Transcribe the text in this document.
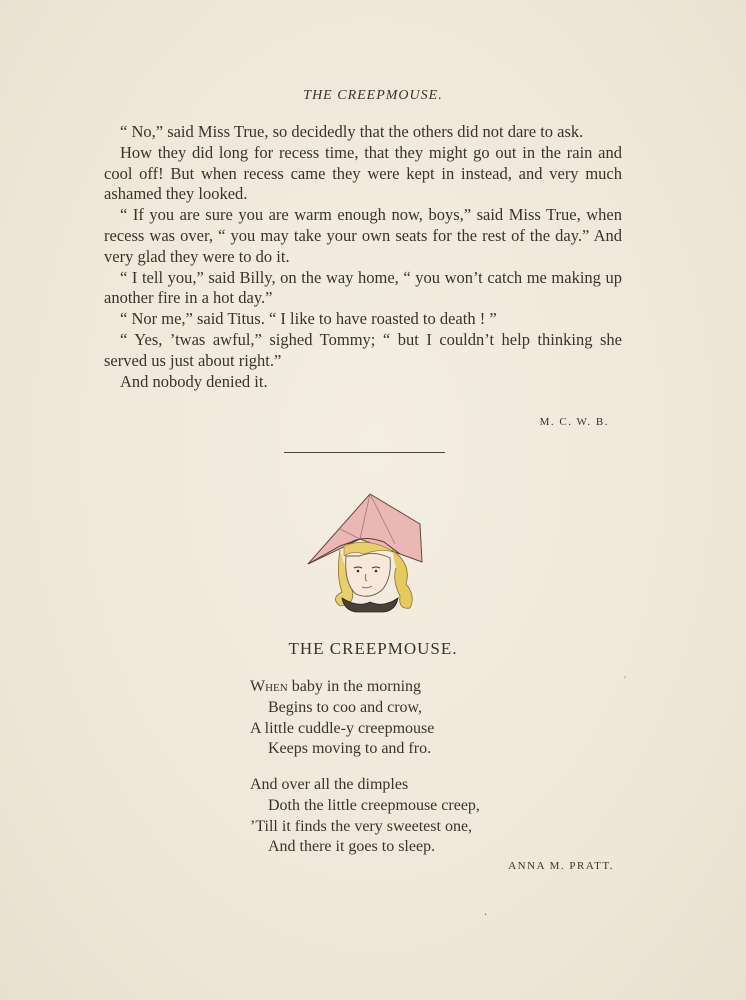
THE CREEPMOUSE.

“ No,” said Miss True, so decidedly that the others did not dare to ask.

How they did long for recess time, that they might go out in the rain and cool off! But when recess came they were kept in instead, and very much ashamed they looked.

“ If you are sure you are warm enough now, boys,” said Miss True, when recess was over, “ you may take your own seats for the rest of the day.” And very glad they were to do it.

“ I tell you,” said Billy, on the way home, “ you won’t catch me making up another fire in a hot day.”

“ Nor me,” said Titus. “ I like to have roasted to death ! ”

“ Yes, ’twas awful,” sighed Tommy; “ but I couldn’t help thinking she served us just about right.”

And nobody denied it.

M. C. W. B.
THE CREEPMOUSE.
When baby in the morning
Begins to coo and crow,
A little cuddle-y creepmouse
Keeps moving to and fro.
And over all the dimples
Doth the little creepmouse creep,
’Till it finds the very sweetest one,
And there it goes to sleep.
ANNA M. PRATT.
′
·
